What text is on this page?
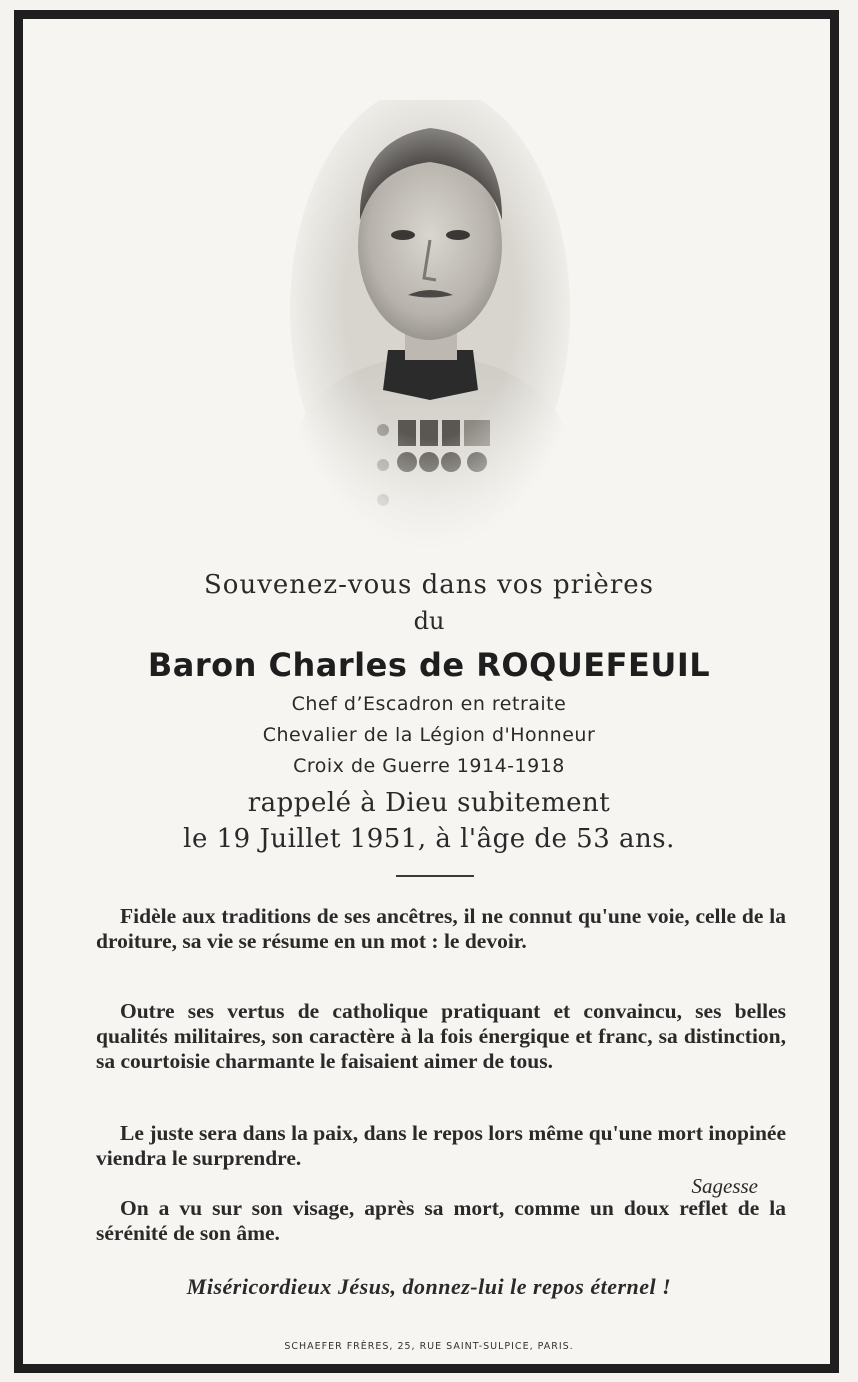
Souvenez-vous dans vos prières
du
Baron Charles de ROQUEFEUIL
Chef d’Escadron en retraite
Chevalier de la Légion d'Honneur
Croix de Guerre 1914-1918
rappelé à Dieu subitement
le 19 Juillet 1951, à l'âge de 53 ans.
Fidèle aux traditions de ses ancêtres, il ne connut qu'une voie, celle de la droiture, sa vie se résume en un mot : le devoir.
Outre ses vertus de catholique pratiquant et convaincu, ses belles qualités militaires, son caractère à la fois énergique et franc, sa distinction, sa courtoisie charmante le faisaient aimer de tous.
Le juste sera dans la paix, dans le repos lors même qu'une mort inopinée viendra le surprendre.
Sagesse
On a vu sur son visage, après sa mort, comme un doux reflet de la sérénité de son âme.
Miséricordieux Jésus, donnez-lui le repos éternel !
SCHAEFER FRÈRES, 25, RUE SAINT-SULPICE, PARIS.
